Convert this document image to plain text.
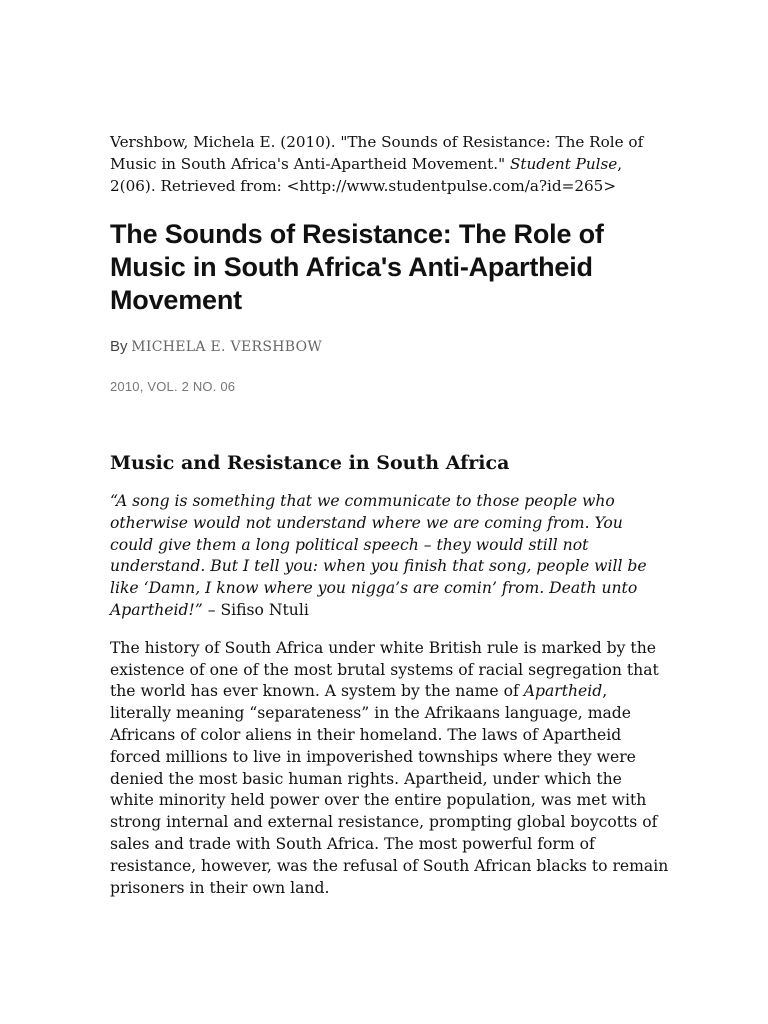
Vershbow, Michela E. (2010). "The Sounds of Resistance: The Role of Music in South Africa's Anti-Apartheid Movement." Student Pulse, 2(06). Retrieved from: <http://www.studentpulse.com/a?id=265>

The Sounds of Resistance: The Role of Music in South Africa's Anti-Apartheid Movement
By MICHELA E. VERSHBOW
2010, VOL. 2 NO. 06
Music and Resistance in South Africa

“A song is something that we communicate to those people who otherwise would not understand where we are coming from. You could give them a long political speech – they would still not understand. But I tell you: when you finish that song, people will be like ‘Damn, I know where you nigga’s are comin’ from. Death unto Apartheid!” – Sifiso Ntuli

The history of South Africa under white British rule is marked by the existence of one of the most brutal systems of racial segregation that the world has ever known. A system by the name of Apartheid, literally meaning “separateness” in the Afrikaans language, made Africans of color aliens in their homeland. The laws of Apartheid forced millions to live in impoverished townships where they were denied the most basic human rights. Apartheid, under which the white minority held power over the entire population, was met with strong internal and external resistance, prompting global boycotts of sales and trade with South Africa. The most powerful form of resistance, however, was the refusal of South African blacks to remain prisoners in their own land.
